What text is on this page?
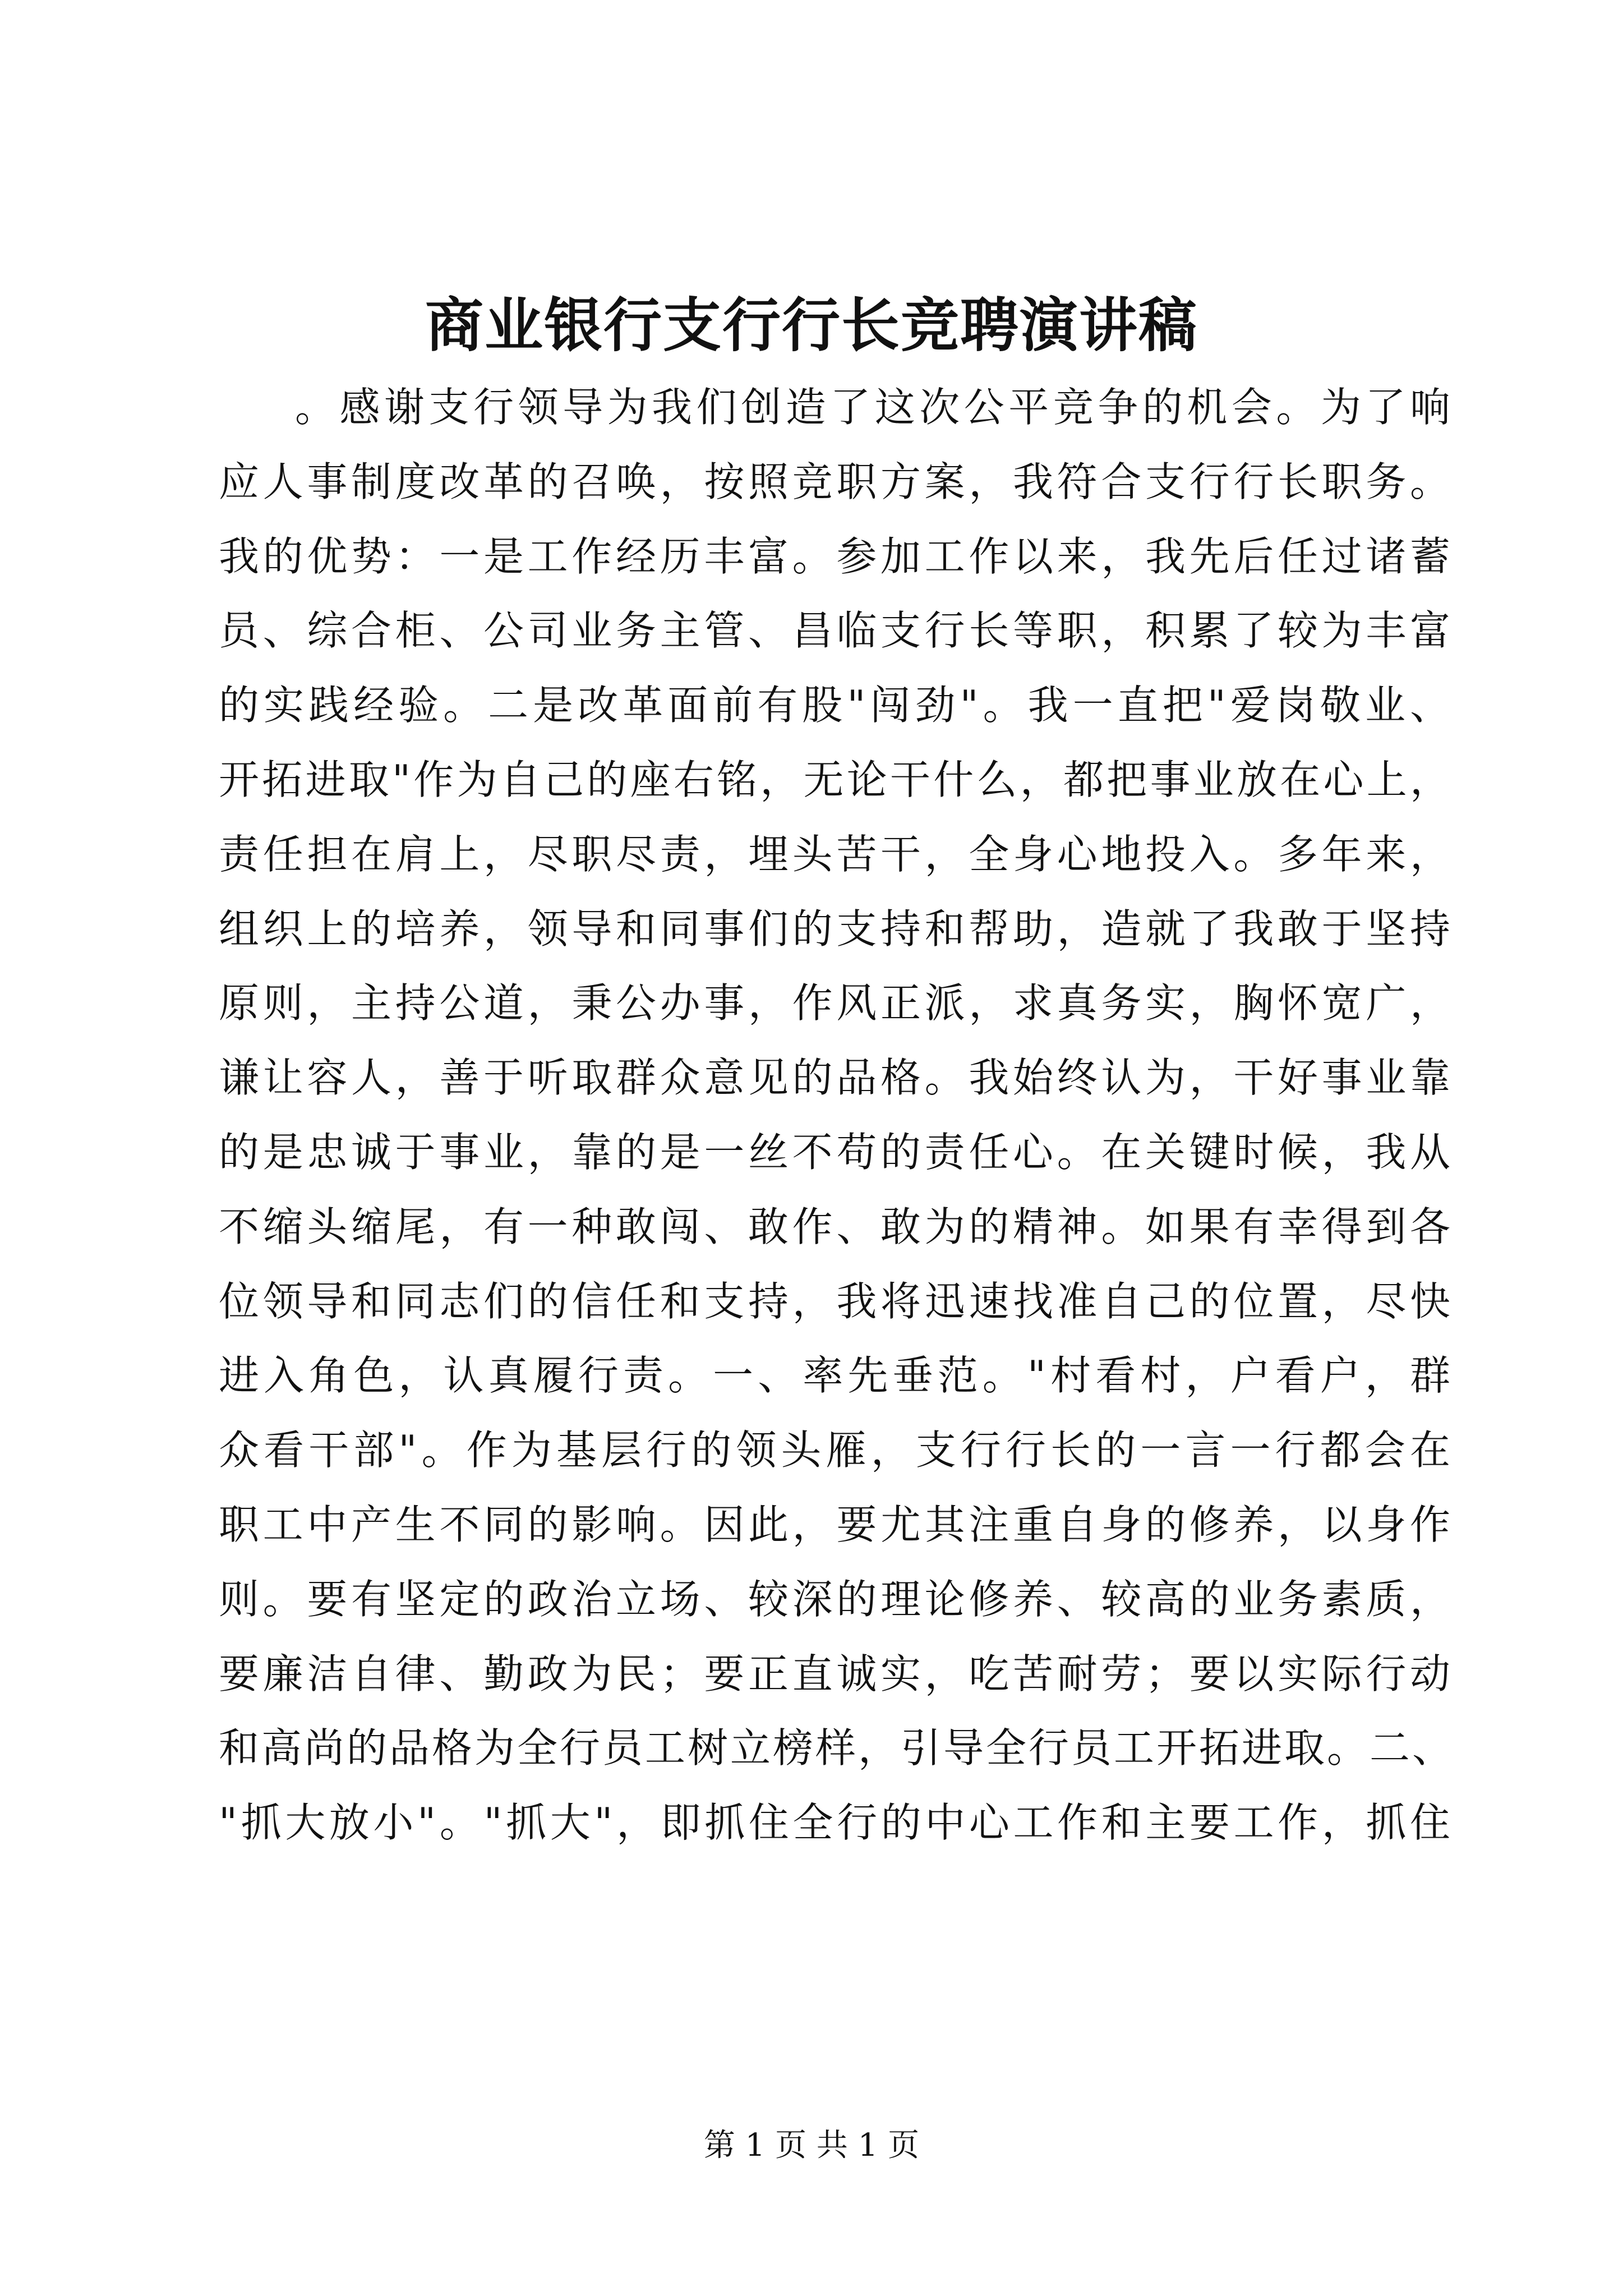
商业银行支行行长竞聘演讲稿
。感谢支行领导为我们创造了这次公平竞争的机会。为了响
应人事制度改革的召唤，按照竞职方案，我符合支行行长职务。
我的优势：一是工作经历丰富。参加工作以来，我先后任过诸蓄
员、综合柜、公司业务主管、昌临支行长等职，积累了较为丰富
的实践经验。二是改革面前有股"闯劲"。我一直把"爱岗敬业、
开拓进取"作为自己的座右铭，无论干什么，都把事业放在心上，
责任担在肩上，尽职尽责，埋头苦干，全身心地投入。多年来，
组织上的培养，领导和同事们的支持和帮助，造就了我敢于坚持
原则，主持公道，秉公办事，作风正派，求真务实，胸怀宽广，
谦让容人，善于听取群众意见的品格。我始终认为，干好事业靠
的是忠诚于事业，靠的是一丝不苟的责任心。在关键时候，我从
不缩头缩尾，有一种敢闯、敢作、敢为的精神。如果有幸得到各
位领导和同志们的信任和支持，我将迅速找准自己的位置，尽快
进入角色，认真履行责。一、率先垂范。"村看村，户看户，群
众看干部"。作为基层行的领头雁，支行行长的一言一行都会在
职工中产生不同的影响。因此，要尤其注重自身的修养，以身作
则。要有坚定的政治立场、较深的理论修养、较高的业务素质，
要廉洁自律、勤政为民；要正直诚实，吃苦耐劳；要以实际行动
和高尚的品格为全行员工树立榜样，引导全行员工开拓进取。二、
"抓大放小"。"抓大"，即抓住全行的中心工作和主要工作，抓住
第 1 页 共 1 页
